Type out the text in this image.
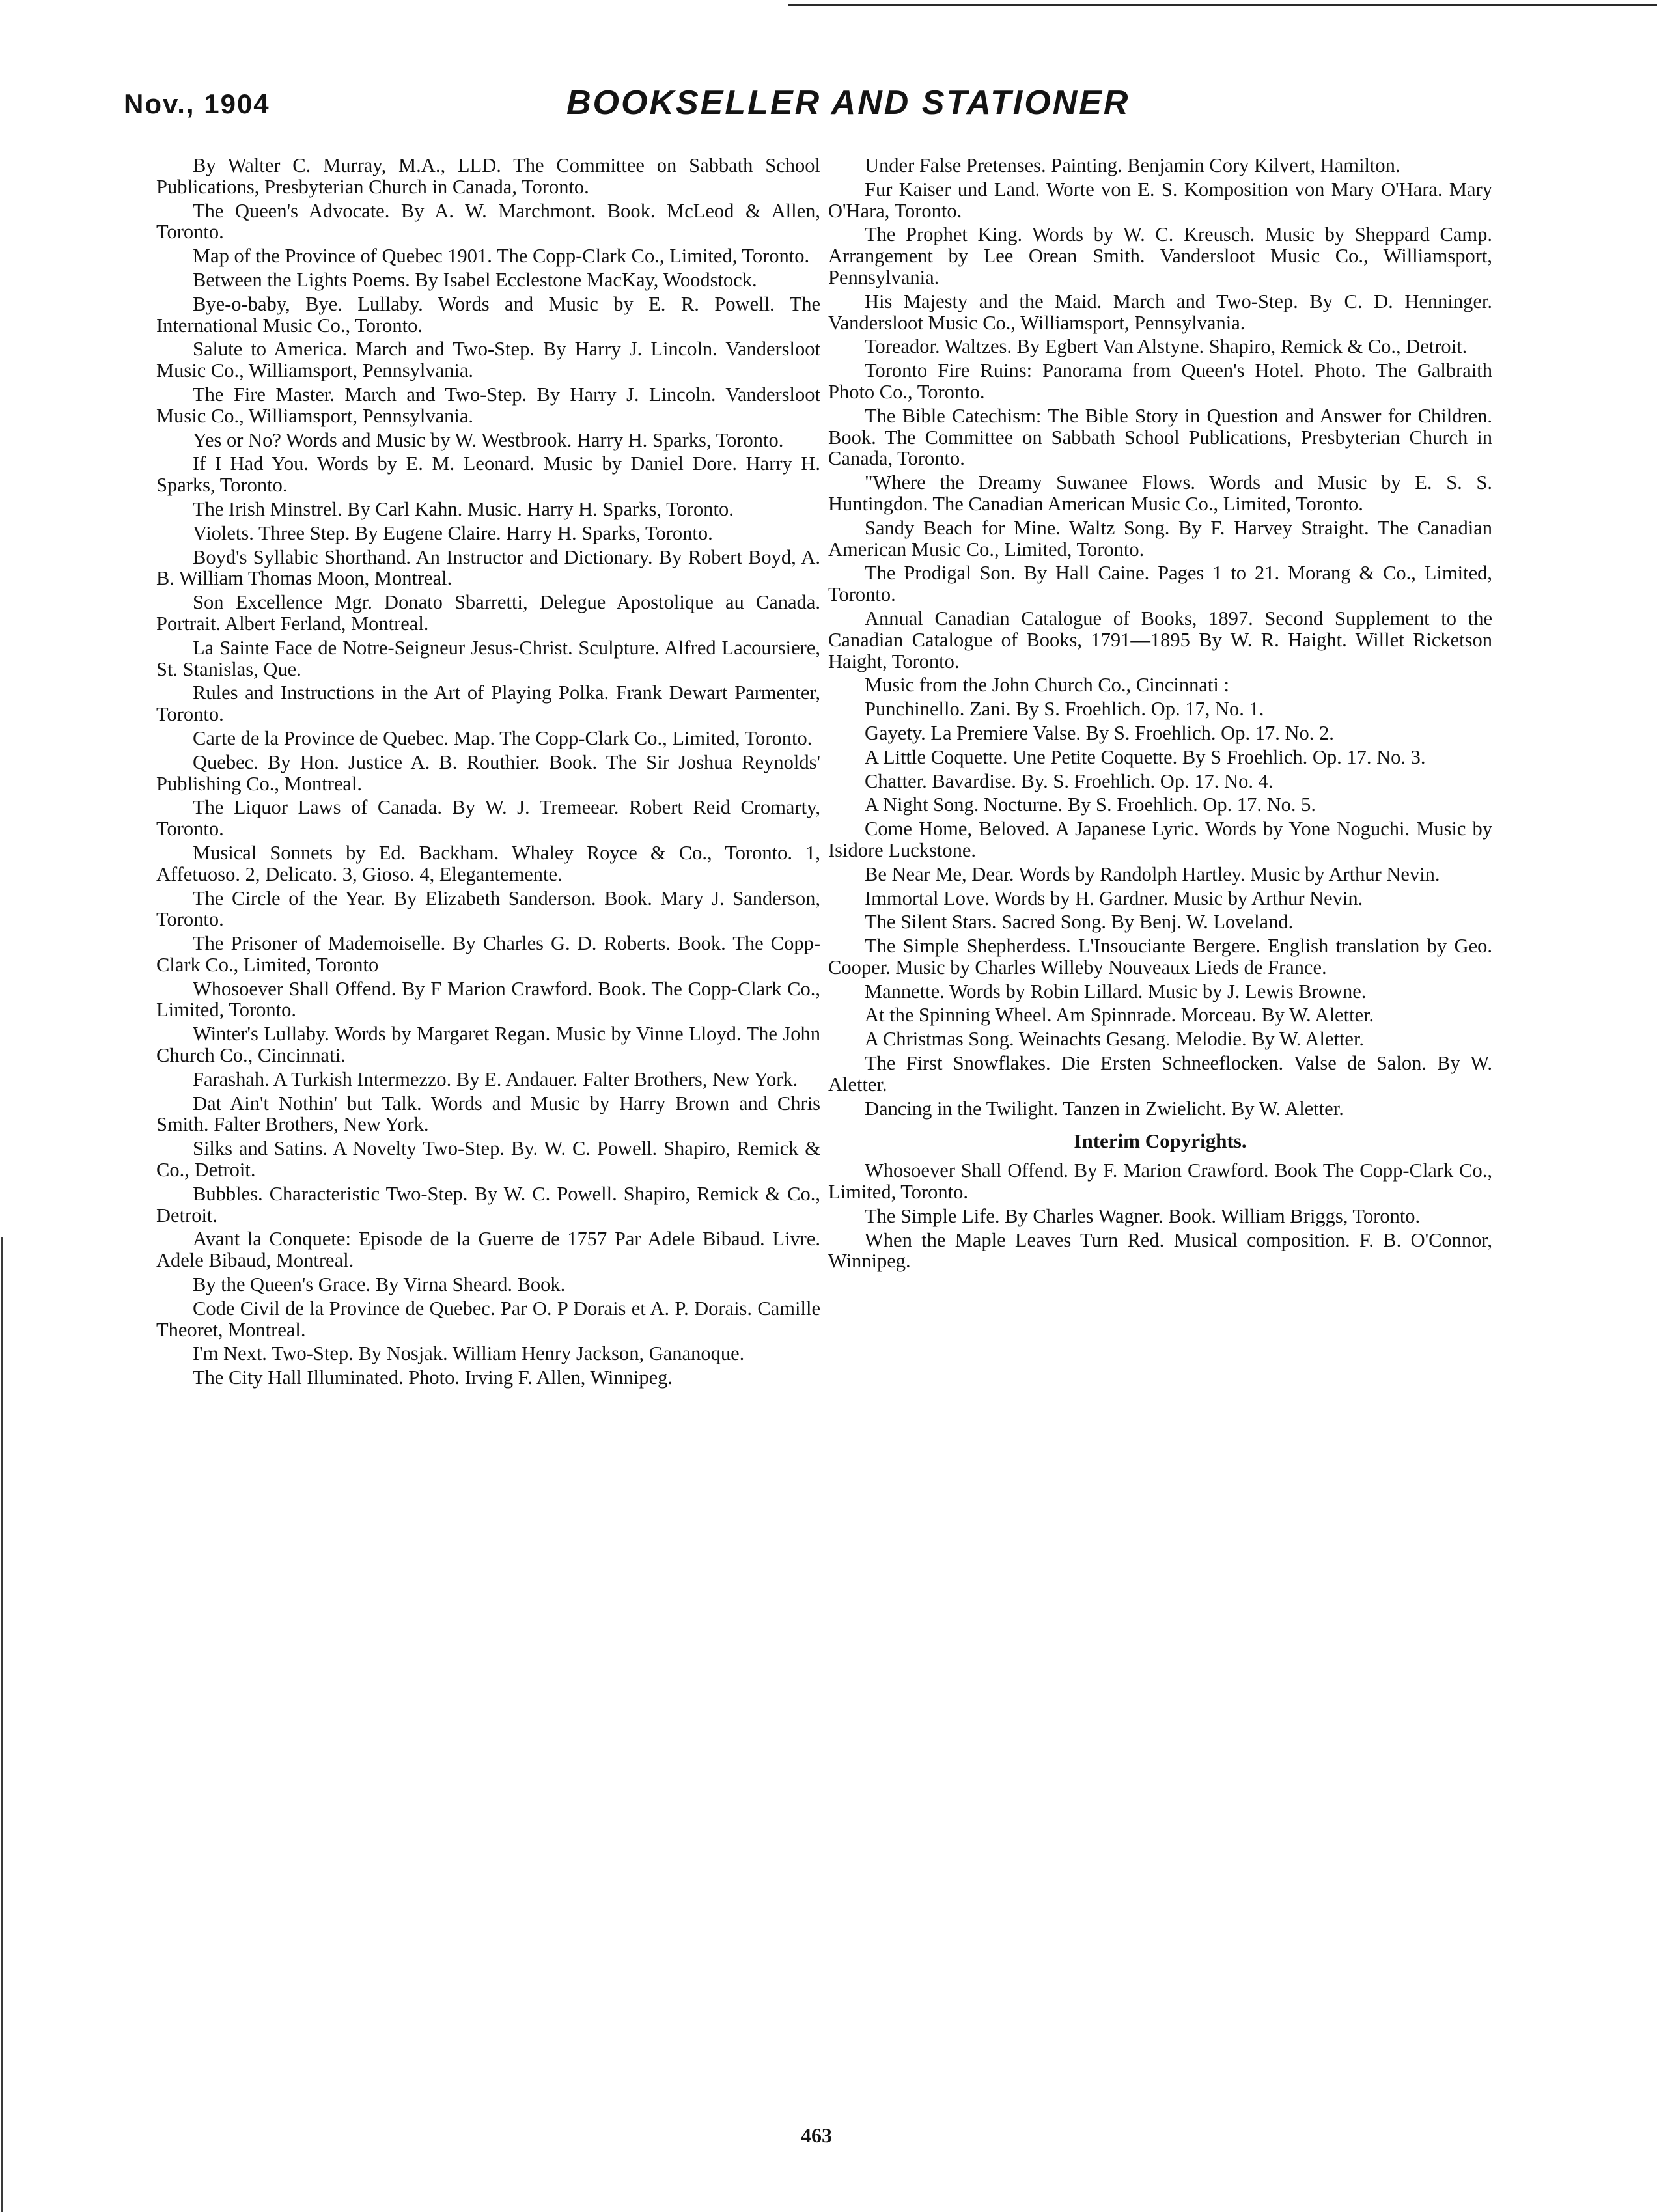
Nov., 1904	BOOKSELLER AND STATIONER

By Walter C. Murray, M.A., LLD. The Committee on Sabbath School Publications, Presbyterian Church in Canada, Toronto.

The Queen's Advocate. By A. W. Marchmont. Book. McLeod & Allen, Toronto.

Map of the Province of Quebec 1901. The Copp-Clark Co., Limited, Toronto.

Between the Lights Poems. By Isabel Ecclestone MacKay, Woodstock.

Bye-o-baby, Bye. Lullaby. Words and Music by E. R. Powell. The International Music Co., Toronto.

Salute to America. March and Two-Step. By Harry J. Lincoln. Vandersloot Music Co., Williamsport, Pennsylvania.

The Fire Master. March and Two-Step. By Harry J. Lincoln. Vandersloot Music Co., Williamsport, Pennsylvania.

Yes or No? Words and Music by W. Westbrook. Harry H. Sparks, Toronto.

If I Had You. Words by E. M. Leonard. Music by Daniel Dore. Harry H. Sparks, Toronto.

The Irish Minstrel. By Carl Kahn. Music. Harry H. Sparks, Toronto.

Violets. Three Step. By Eugene Claire. Harry H. Sparks, Toronto.

Boyd's Syllabic Shorthand. An Instructor and Dictionary. By Robert Boyd, A. B. William Thomas Moon, Montreal.

Son Excellence Mgr. Donato Sbarretti, Delegue Apostolique au Canada. Portrait. Albert Ferland, Montreal.

La Sainte Face de Notre-Seigneur Jesus-Christ. Sculpture. Alfred Lacoursiere, St. Stanislas, Que.

Rules and Instructions in the Art of Playing Polka. Frank Dewart Parmenter, Toronto.

Carte de la Province de Quebec. Map. The Copp-Clark Co., Limited, Toronto.

Quebec. By Hon. Justice A. B. Routhier. Book. The Sir Joshua Reynolds' Publishing Co., Montreal.

The Liquor Laws of Canada. By W. J. Tremeear. Robert Reid Cromarty, Toronto.

Musical Sonnets by Ed. Backham. Whaley Royce & Co., Toronto. 1, Affetuoso. 2, Delicato. 3, Gioso. 4, Elegantemente.

The Circle of the Year. By Elizabeth Sanderson. Book. Mary J. Sanderson, Toronto.

The Prisoner of Mademoiselle. By Charles G. D. Roberts. Book. The Copp-Clark Co., Limited, Toronto

Whosoever Shall Offend. By F Marion Crawford. Book. The Copp-Clark Co., Limited, Toronto.

Winter's Lullaby. Words by Margaret Regan. Music by Vinne Lloyd. The John Church Co., Cincinnati.

Farashah. A Turkish Intermezzo. By E. Andauer. Falter Brothers, New York.

Dat Ain't Nothin' but Talk. Words and Music by Harry Brown and Chris Smith. Falter Brothers, New York.

Silks and Satins. A Novelty Two-Step. By. W. C. Powell. Shapiro, Remick & Co., Detroit.

Bubbles. Characteristic Two-Step. By W. C. Powell. Shapiro, Remick & Co., Detroit.

Avant la Conquete: Episode de la Guerre de 1757 Par Adele Bibaud. Livre. Adele Bibaud, Montreal.

By the Queen's Grace. By Virna Sheard. Book.

Code Civil de la Province de Quebec. Par O. P Dorais et A. P. Dorais. Camille Theoret, Montreal.

I'm Next. Two-Step. By Nosjak. William Henry Jackson, Gananoque.

The City Hall Illuminated. Photo. Irving F. Allen, Winnipeg.

Under False Pretenses. Painting. Benjamin Cory Kilvert, Hamilton.

Fur Kaiser und Land. Worte von E. S. Komposition von Mary O'Hara. Mary O'Hara, Toronto.

The Prophet King. Words by W. C. Kreusch. Music by Sheppard Camp. Arrangement by Lee Orean Smith. Vandersloot Music Co., Williamsport, Pennsylvania.

His Majesty and the Maid. March and Two-Step. By C. D. Henninger. Vandersloot Music Co., Williamsport, Pennsylvania.

Toreador. Waltzes. By Egbert Van Alstyne. Shapiro, Remick & Co., Detroit.

Toronto Fire Ruins: Panorama from Queen's Hotel. Photo. The Galbraith Photo Co., Toronto.

The Bible Catechism: The Bible Story in Question and Answer for Children. Book. The Committee on Sabbath School Publications, Presbyterian Church in Canada, Toronto.

"Where the Dreamy Suwanee Flows. Words and Music by E. S. S. Huntingdon. The Canadian American Music Co., Limited, Toronto.

Sandy Beach for Mine. Waltz Song. By F. Harvey Straight. The Canadian American Music Co., Limited, Toronto.

The Prodigal Son. By Hall Caine. Pages 1 to 21. Morang & Co., Limited, Toronto.

Annual Canadian Catalogue of Books, 1897. Second Supplement to the Canadian Catalogue of Books, 1791—1895 By W. R. Haight. Willet Ricketson Haight, Toronto.

Music from the John Church Co., Cincinnati :

Punchinello. Zani. By S. Froehlich. Op. 17, No. 1.

Gayety. La Premiere Valse. By S. Froehlich. Op. 17. No. 2.

A Little Coquette. Une Petite Coquette. By S Froehlich. Op. 17. No. 3.

Chatter. Bavardise. By. S. Froehlich. Op. 17. No. 4.

A Night Song. Nocturne. By S. Froehlich. Op. 17. No. 5.

Come Home, Beloved. A Japanese Lyric. Words by Yone Noguchi. Music by Isidore Luckstone.

Be Near Me, Dear. Words by Randolph Hartley. Music by Arthur Nevin.

Immortal Love. Words by H. Gardner. Music by Arthur Nevin.

The Silent Stars. Sacred Song. By Benj. W. Loveland.

The Simple Shepherdess. L'Insouciante Bergere. English translation by Geo. Cooper. Music by Charles Willeby Nouveaux Lieds de France.

Mannette. Words by Robin Lillard. Music by J. Lewis Browne.

At the Spinning Wheel. Am Spinnrade. Morceau. By W. Aletter.

A Christmas Song. Weinachts Gesang. Melodie. By W. Aletter.

The First Snowflakes. Die Ersten Schneeflocken. Valse de Salon. By W. Aletter.

Dancing in the Twilight. Tanzen in Zwielicht. By W. Aletter.

Interim Copyrights.

Whosoever Shall Offend. By F. Marion Crawford. Book The Copp-Clark Co., Limited, Toronto.

The Simple Life. By Charles Wagner. Book. William Briggs, Toronto.

When the Maple Leaves Turn Red. Musical composition. F. B. O'Connor, Winnipeg.

463
